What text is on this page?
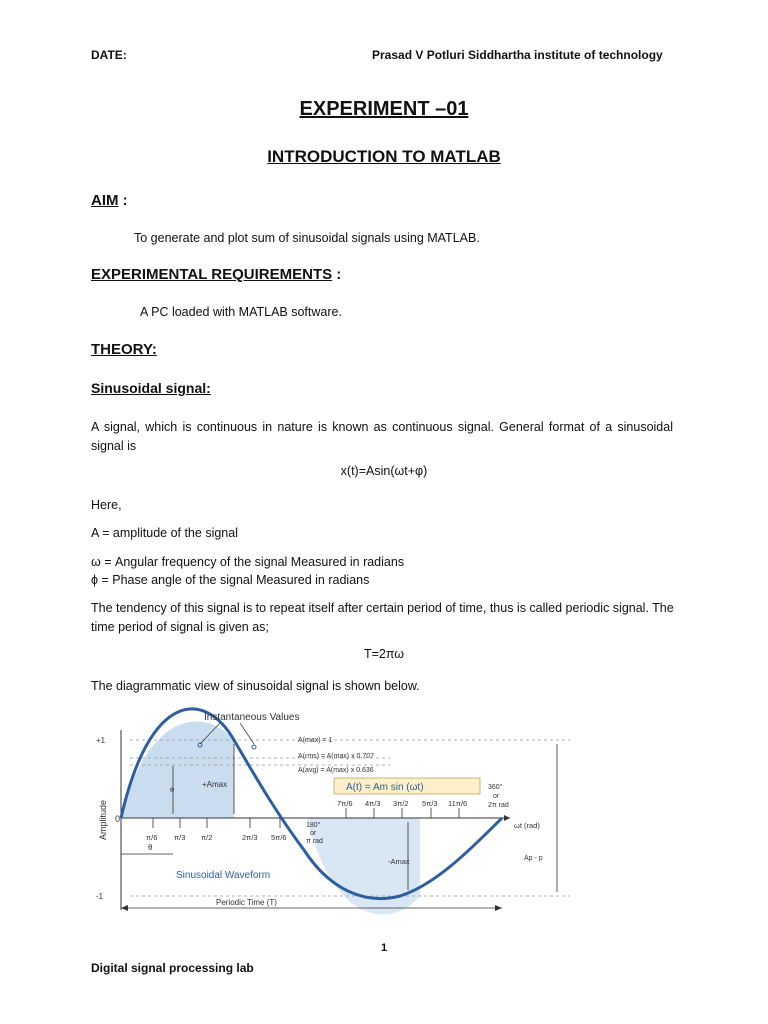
DATE:	Prasad V Potluri Siddhartha institute of technology
EXPERIMENT –01
INTRODUCTION TO MATLAB
AIM :
To generate and plot sum of sinusoidal signals using MATLAB.
EXPERIMENTAL REQUIREMENTS :
A PC loaded with MATLAB software.
THEORY:
Sinusoidal signal:
A signal, which is continuous in nature is known as continuous signal. General format of a sinusoidal signal is
x(t)=Asin(ωt+φ)
Here,
A = amplitude of the signal
ω = Angular frequency of the signal Measured in radians
ϕ = Phase angle of the signal Measured in radians
The tendency of this signal is to repeat itself after certain period of time, thus is called periodic signal. The time period of signal is given as;
T=2πω
The diagrammatic view of sinusoidal signal is shown below.
Instantaneous Values
+1
0
-1
Amplitude
A(max) = 1
A(rms) = A(max) x 0.707
A(avg) = A(max) x 0.636
A(t) = Am sin (ωt)
+Amax
e
θ
π/6 π/3 π/2	2π/3 5π/6
7π/6 4π/3 3π/2 5π/3 11π/6
180°
or
π rad
360°
or
2π rad
ωt (rad)
-Amax	Ap - p
Sinusoidal Waveform
Periodic Time (T)
1
Digital signal processing lab
